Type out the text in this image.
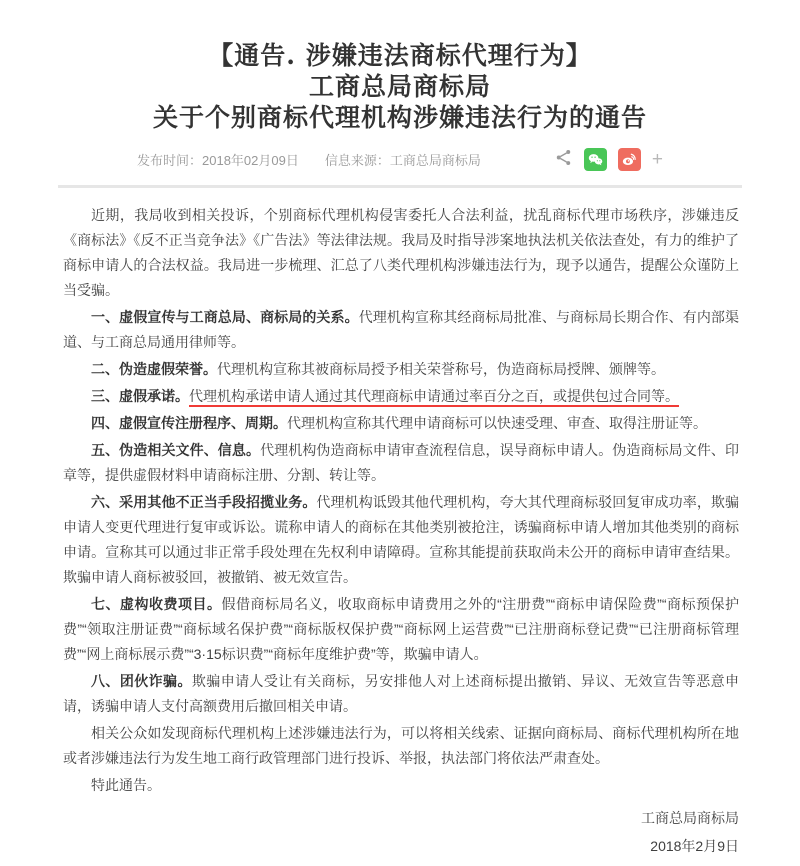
【通告. 涉嫌违法商标代理行为】
工商总局商标局
关于个别商标代理机构涉嫌违法行为的通告
发布时间：2018年02月09日 信息来源：工商总局商标局	+

近期，我局收到相关投诉，个别商标代理机构侵害委托人合法利益，扰乱商标代理市场秩序，涉嫌违反《商标法》《反不正当竞争法》《广告法》等法律法规。我局及时指导涉案地执法机关依法查处，有力的维护了商标申请人的合法权益。我局进一步梳理、汇总了八类代理机构涉嫌违法行为，现予以通告，提醒公众谨防上当受骗。

一、虚假宣传与工商总局、商标局的关系。代理机构宣称其经商标局批准、与商标局长期合作、有内部渠道、与工商总局通用律师等。

二、伪造虚假荣誉。代理机构宣称其被商标局授予相关荣誉称号，伪造商标局授牌、颁牌等。

三、虚假承诺。代理机构承诺申请人通过其代理商标申请通过率百分之百，或提供包过合同等。

四、虚假宣传注册程序、周期。代理机构宣称其代理申请商标可以快速受理、审查、取得注册证等。

五、伪造相关文件、信息。代理机构伪造商标申请审查流程信息，误导商标申请人。伪造商标局文件、印章等，提供虚假材料申请商标注册、分割、转让等。

六、采用其他不正当手段招揽业务。代理机构诋毁其他代理机构，夸大其代理商标驳回复审成功率，欺骗申请人变更代理进行复审或诉讼。谎称申请人的商标在其他类别被抢注，诱骗商标申请人增加其他类别的商标申请。宣称其可以通过非正常手段处理在先权利申请障碍。宣称其能提前获取尚未公开的商标申请审查结果。欺骗申请人商标被驳回，被撤销、被无效宣告。

七、虚构收费项目。假借商标局名义，收取商标申请费用之外的“注册费”“商标申请保险费”“商标预保护费”“领取注册证费”“商标域名保护费”“商标版权保护费”“商标网上运营费”“已注册商标登记费”“已注册商标管理费”“网上商标展示费”“3·15标识费”“商标年度维护费”等，欺骗申请人。

八、团伙诈骗。欺骗申请人受让有关商标，另安排他人对上述商标提出撤销、异议、无效宣告等恶意申请，诱骗申请人支付高额费用后撤回相关申请。

相关公众如发现商标代理机构上述涉嫌违法行为，可以将相关线索、证据向商标局、商标代理机构所在地或者涉嫌违法行为发生地工商行政管理部门进行投诉、举报，执法部门将依法严肃查处。

特此通告。

工商总局商标局
2018年2月9日
